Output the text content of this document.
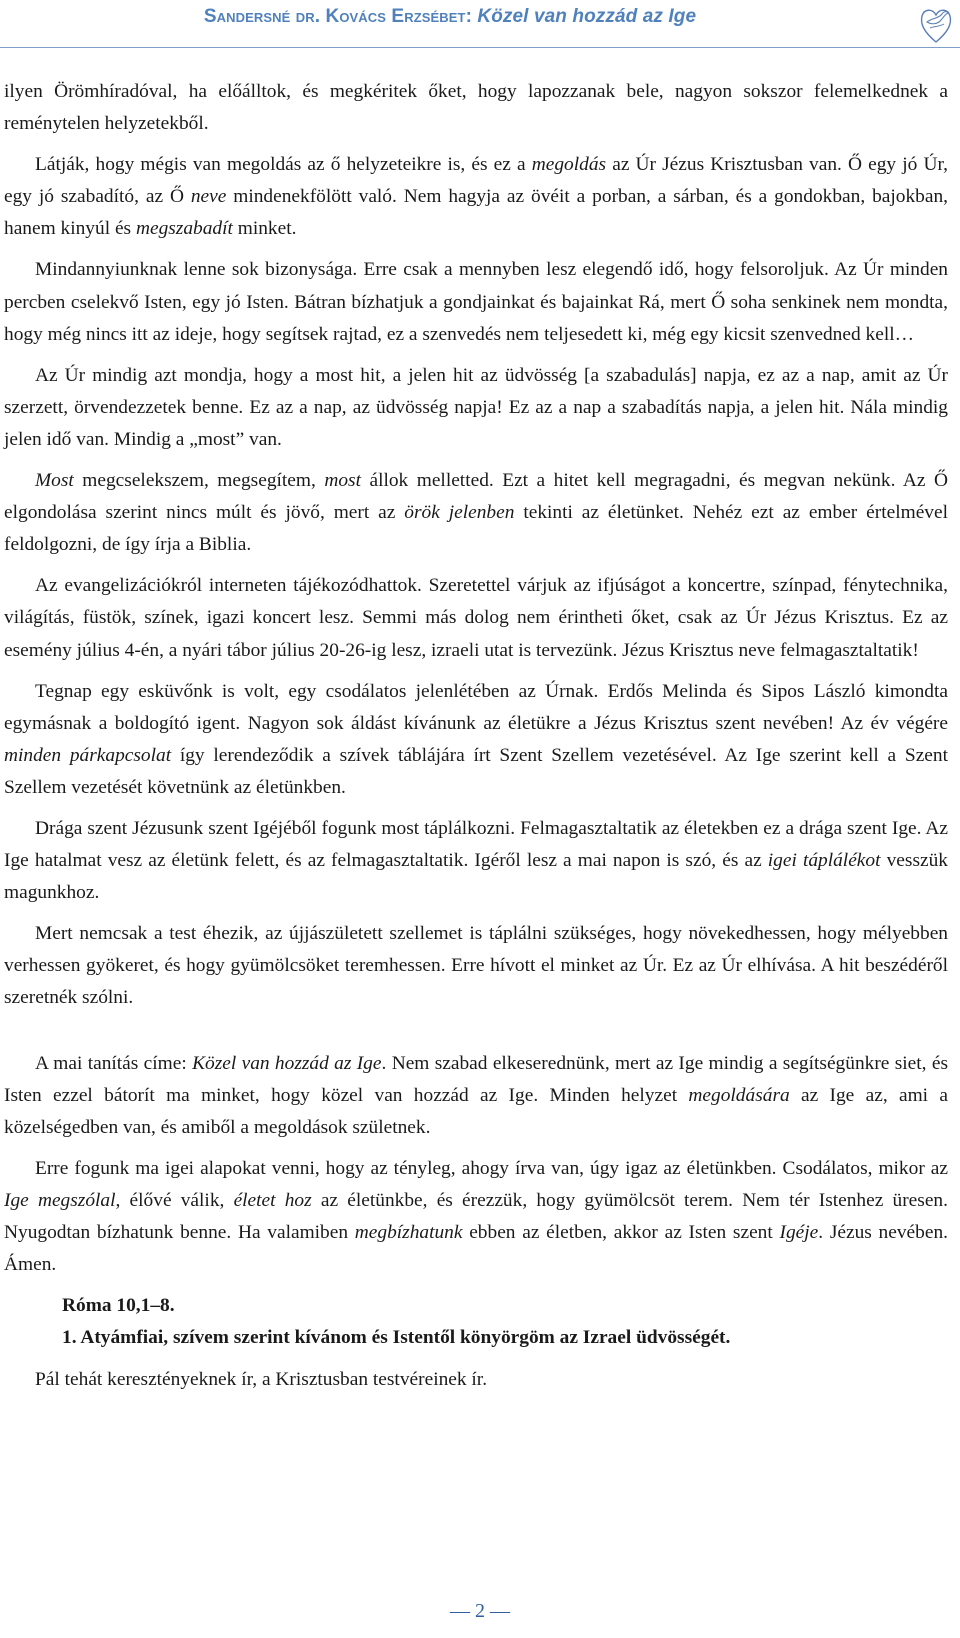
Sandersné dr. Kovács Erzsébet: Közel van hozzád az Ige

ilyen Örömhíradóval, ha előálltok, és megkéritek őket, hogy lapozzanak bele, nagyon sokszor felemelkednek a reménytelen helyzetekből.

Látják, hogy mégis van megoldás az ő helyzeteikre is, és ez a megoldás az Úr Jézus Krisztusban van. Ő egy jó Úr, egy jó szabadító, az Ő neve mindenekfölött való. Nem hagyja az övéit a porban, a sárban, és a gondokban, bajokban, hanem kinyúl és megszabadít minket.

Mindannyiunknak lenne sok bizonysága. Erre csak a mennyben lesz elegendő idő, hogy felsoroljuk. Az Úr minden percben cselekvő Isten, egy jó Isten. Bátran bízhatjuk a gondjainkat és bajainkat Rá, mert Ő soha senkinek nem mondta, hogy még nincs itt az ideje, hogy segítsek rajtad, ez a szenvedés nem teljesedett ki, még egy kicsit szenvedned kell…

Az Úr mindig azt mondja, hogy a most hit, a jelen hit az üdvösség [a szabadulás] napja, ez az a nap, amit az Úr szerzett, örvendezzetek benne. Ez az a nap, az üdvösség napja! Ez az a nap a szabadítás napja, a jelen hit. Nála mindig jelen idő van. Mindig a „most” van.

Most megcselekszem, megsegítem, most állok melletted. Ezt a hitet kell megragadni, és megvan nekünk. Az Ő elgondolása szerint nincs múlt és jövő, mert az örök jelenben tekinti az életünket. Nehéz ezt az ember értelmével feldolgozni, de így írja a Biblia.

Az evangelizációkról interneten tájékozódhattok. Szeretettel várjuk az ifjúságot a koncertre, színpad, fénytechnika, világítás, füstök, színek, igazi koncert lesz. Semmi más dolog nem érintheti őket, csak az Úr Jézus Krisztus. Ez az esemény július 4-én, a nyári tábor július 20-26-ig lesz, izraeli utat is tervezünk. Jézus Krisztus neve felmagasztaltatik!

Tegnap egy esküvőnk is volt, egy csodálatos jelenlétében az Úrnak. Erdős Melinda és Sipos László kimondta egymásnak a boldogító igent. Nagyon sok áldást kívánunk az életükre a Jézus Krisztus szent nevében! Az év végére minden párkapcsolat így lerendeződik a szívek táblájára írt Szent Szellem vezetésével. Az Ige szerint kell a Szent Szellem vezetését követnünk az életünkben.

Drága szent Jézusunk szent Igéjéből fogunk most táplálkozni. Felmagasztaltatik az életekben ez a drága szent Ige. Az Ige hatalmat vesz az életünk felett, és az felmagasztaltatik. Igéről lesz a mai napon is szó, és az igei táplálékot vesszük magunkhoz.

Mert nemcsak a test éhezik, az újjászületett szellemet is táplálni szükséges, hogy növekedhessen, hogy mélyebben verhessen gyökeret, és hogy gyümölcsöket teremhessen. Erre hívott el minket az Úr. Ez az Úr elhívása. A hit beszédéről szeretnék szólni.

A mai tanítás címe: Közel van hozzád az Ige. Nem szabad elkeserednünk, mert az Ige mindig a segítségünkre siet, és Isten ezzel bátorít ma minket, hogy közel van hozzád az Ige. Minden helyzet megoldására az Ige az, ami a közelségedben van, és amiből a megoldások születnek.

Erre fogunk ma igei alapokat venni, hogy az tényleg, ahogy írva van, úgy igaz az életünkben. Csodálatos, mikor az Ige megszólal, élővé válik, életet hoz az életünkbe, és érezzük, hogy gyümölcsöt terem. Nem tér Istenhez üresen. Nyugodtan bízhatunk benne. Ha valamiben megbízhatunk ebben az életben, akkor az Isten szent Igéje. Jézus nevében. Ámen.

Róma 10,1–8.
1. Atyámfiai, szívem szerint kívánom és Istentől könyörgöm az Izrael üdvösségét.

Pál tehát keresztényeknek ír, a Krisztusban testvéreinek ír.

— 2 —
